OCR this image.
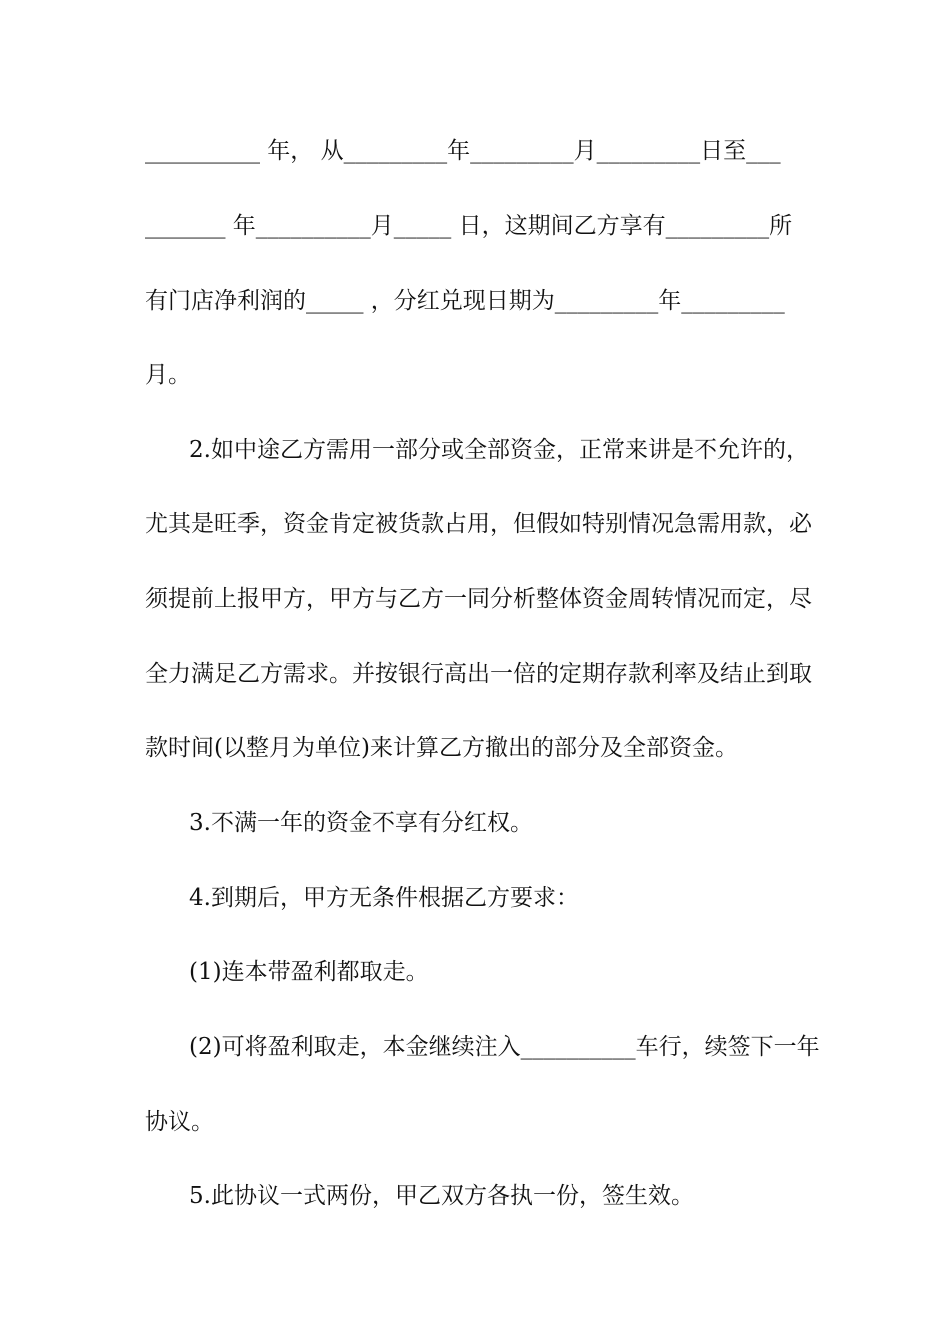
__________ 年， 从_________年_________月_________日至___
_______ 年__________月_____ 日，这期间乙方享有_________所
有门店净利润的_____ ，分红兑现日期为_________年_________
月。
2.如中途乙方需用一部分或全部资金，正常来讲是不允许的，
尤其是旺季，资金肯定被货款占用，但假如特别情况急需用款，必
须提前上报甲方，甲方与乙方一同分析整体资金周转情况而定，尽
全力满足乙方需求。并按银行高出一倍的定期存款利率及结止到取
款时间(以整月为单位)来计算乙方撤出的部分及全部资金。
3.不满一年的资金不享有分红权。
4.到期后，甲方无条件根据乙方要求：
(1)连本带盈利都取走。
(2)可将盈利取走，本金继续注入__________车行，续签下一年
协议。
5.此协议一式两份，甲乙双方各执一份，签生效。
